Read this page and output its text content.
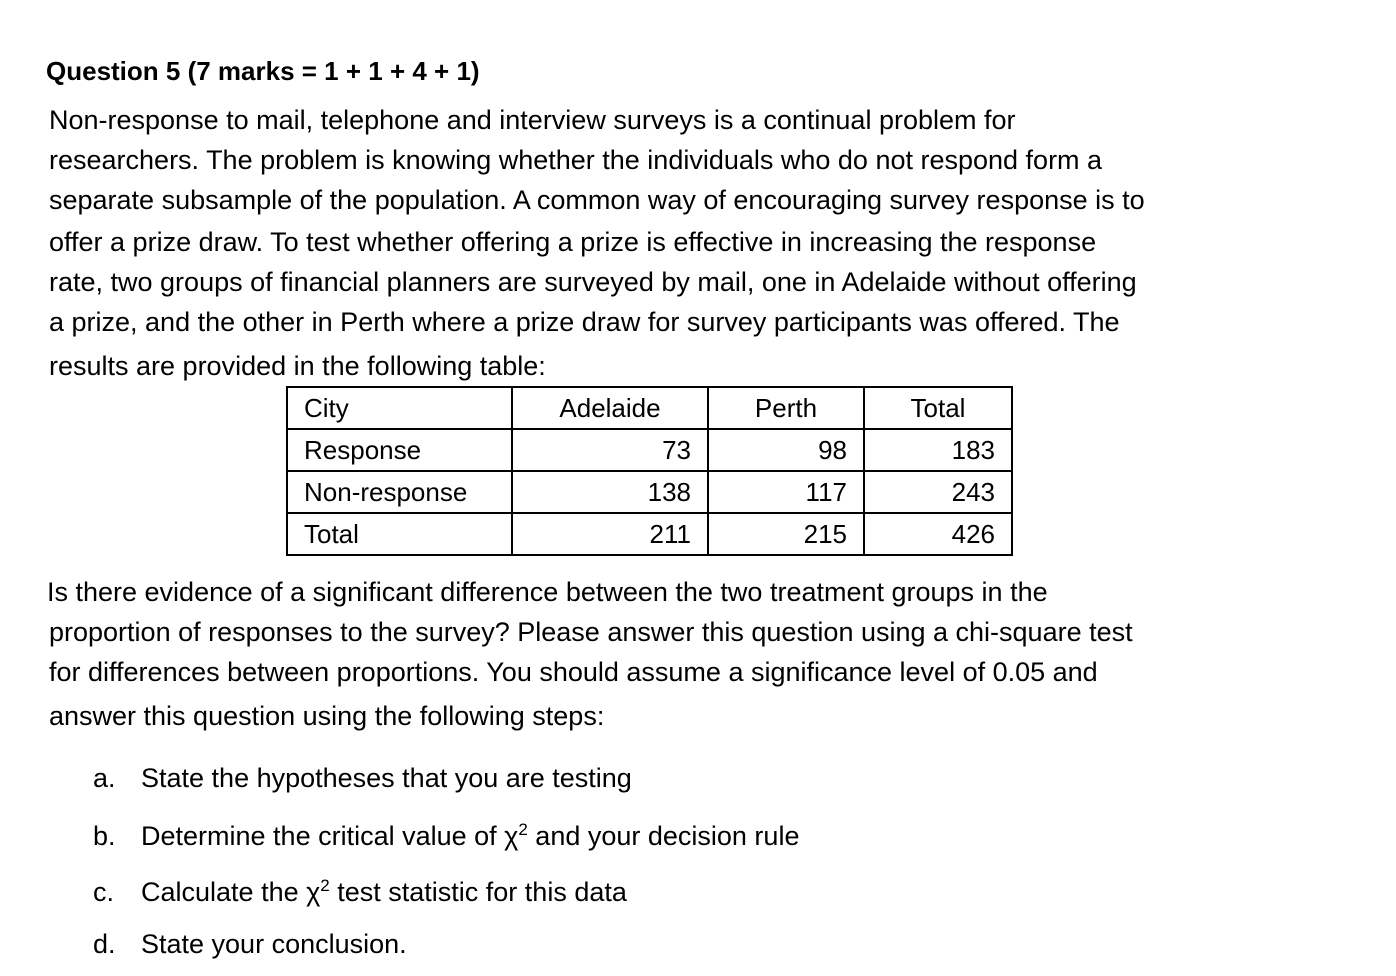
Question 5 (7 marks = 1 + 1 + 4 + 1)
Non-response to mail, telephone and interview surveys is a continual problem for
researchers. The problem is knowing whether the individuals who do not respond form a
separate subsample of the population. A common way of encouraging survey response is to
offer a prize draw. To test whether offering a prize is effective in increasing the response
rate, two groups of financial planners are surveyed by mail, one in Adelaide without offering
a prize, and the other in Perth where a prize draw for survey participants was offered. The
results are provided in the following table:
City	Adelaide	Perth	Total
Response	73	98	183
Non-response	138	117	243
Total	211	215	426
Is there evidence of a significant difference between the two treatment groups in the
proportion of responses to the survey? Please answer this question using a chi-square test
for differences between proportions. You should assume a significance level of 0.05 and
answer this question using the following steps:
a. State the hypotheses that you are testing
b. Determine the critical value of $\chi^2$ and your decision rule
c. Calculate the $\chi^2$ test statistic for this data
d. State your conclusion.
